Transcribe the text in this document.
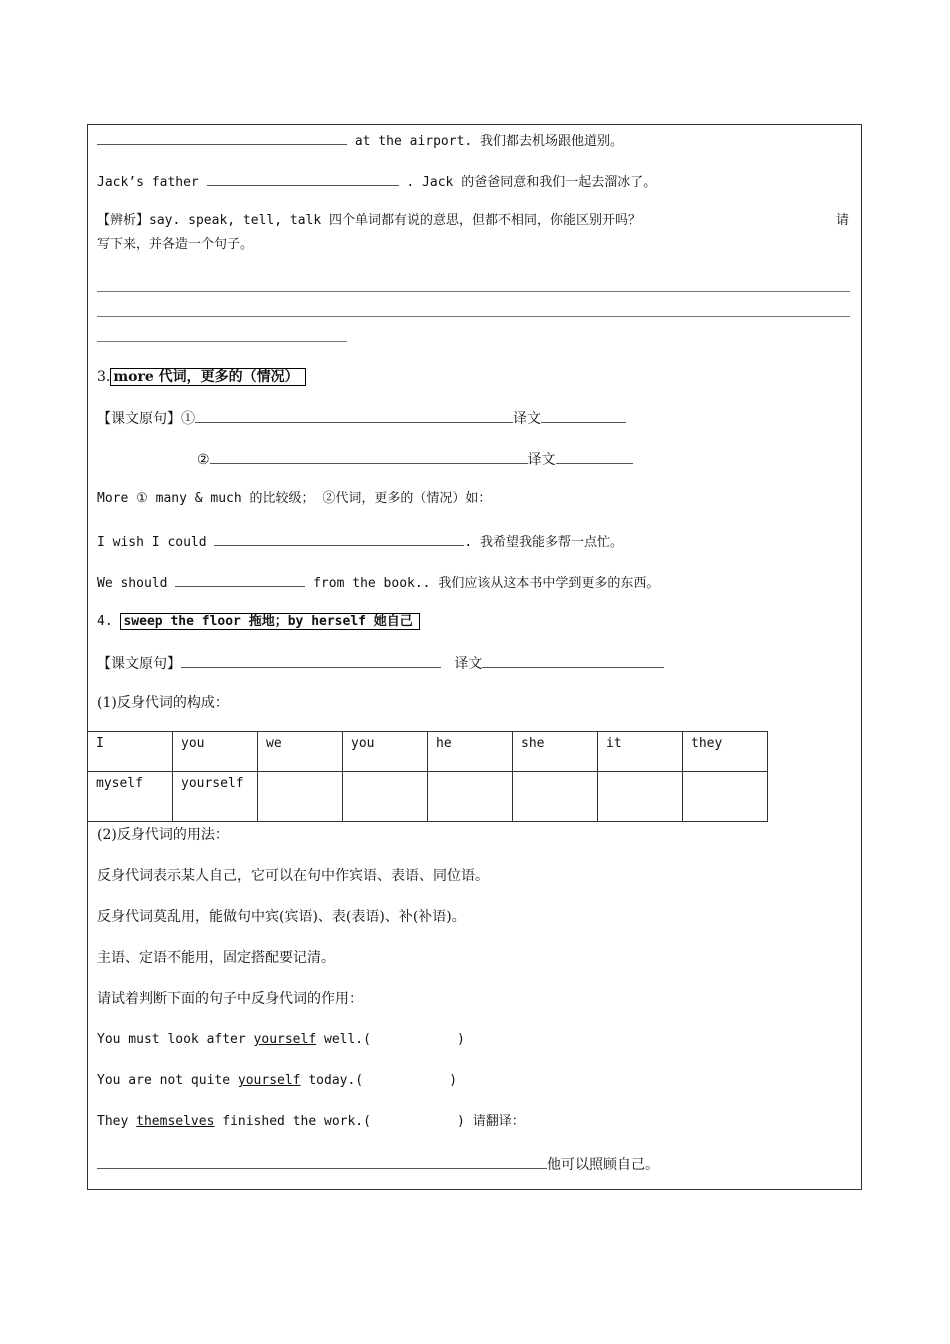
at the airport. 我们都去机场跟他道别。
Jack’s father	. Jack 的爸爸同意和我们一起去溜冰了。
【辨析】say. speak, tell, talk 四个单词都有说的意思，但都不相同，你能区别开吗？	请
写下来，并各造一个句子。
3. more 代词，更多的（情况）
【课文原句】①	译文
②	译文
More ① many & much 的比较级； ②代词，更多的（情况）如：
I wish I could	. 我希望我能多帮一点忙。
We should	from the book.. 我们应该从这本书中学到更多的东西。
4. sweep the floor 拖地；by herself 她自己
【课文原句】	译文
(1)反身代词的构成：
I	you	we	you	he	she	it	they
myself	yourself						
(2)反身代词的用法：
反身代词表示某人自己，它可以在句中作宾语、表语、同位语。
反身代词莫乱用，能做句中宾(宾语)、表(表语)、补(补语)。
主语、定语不能用，固定搭配要记清。
请试着判断下面的句子中反身代词的作用：
You must look after yourself well.(           )
You are not quite yourself today.(           )
They themselves finished the work.(           ) 请翻译：
他可以照顾自己。
